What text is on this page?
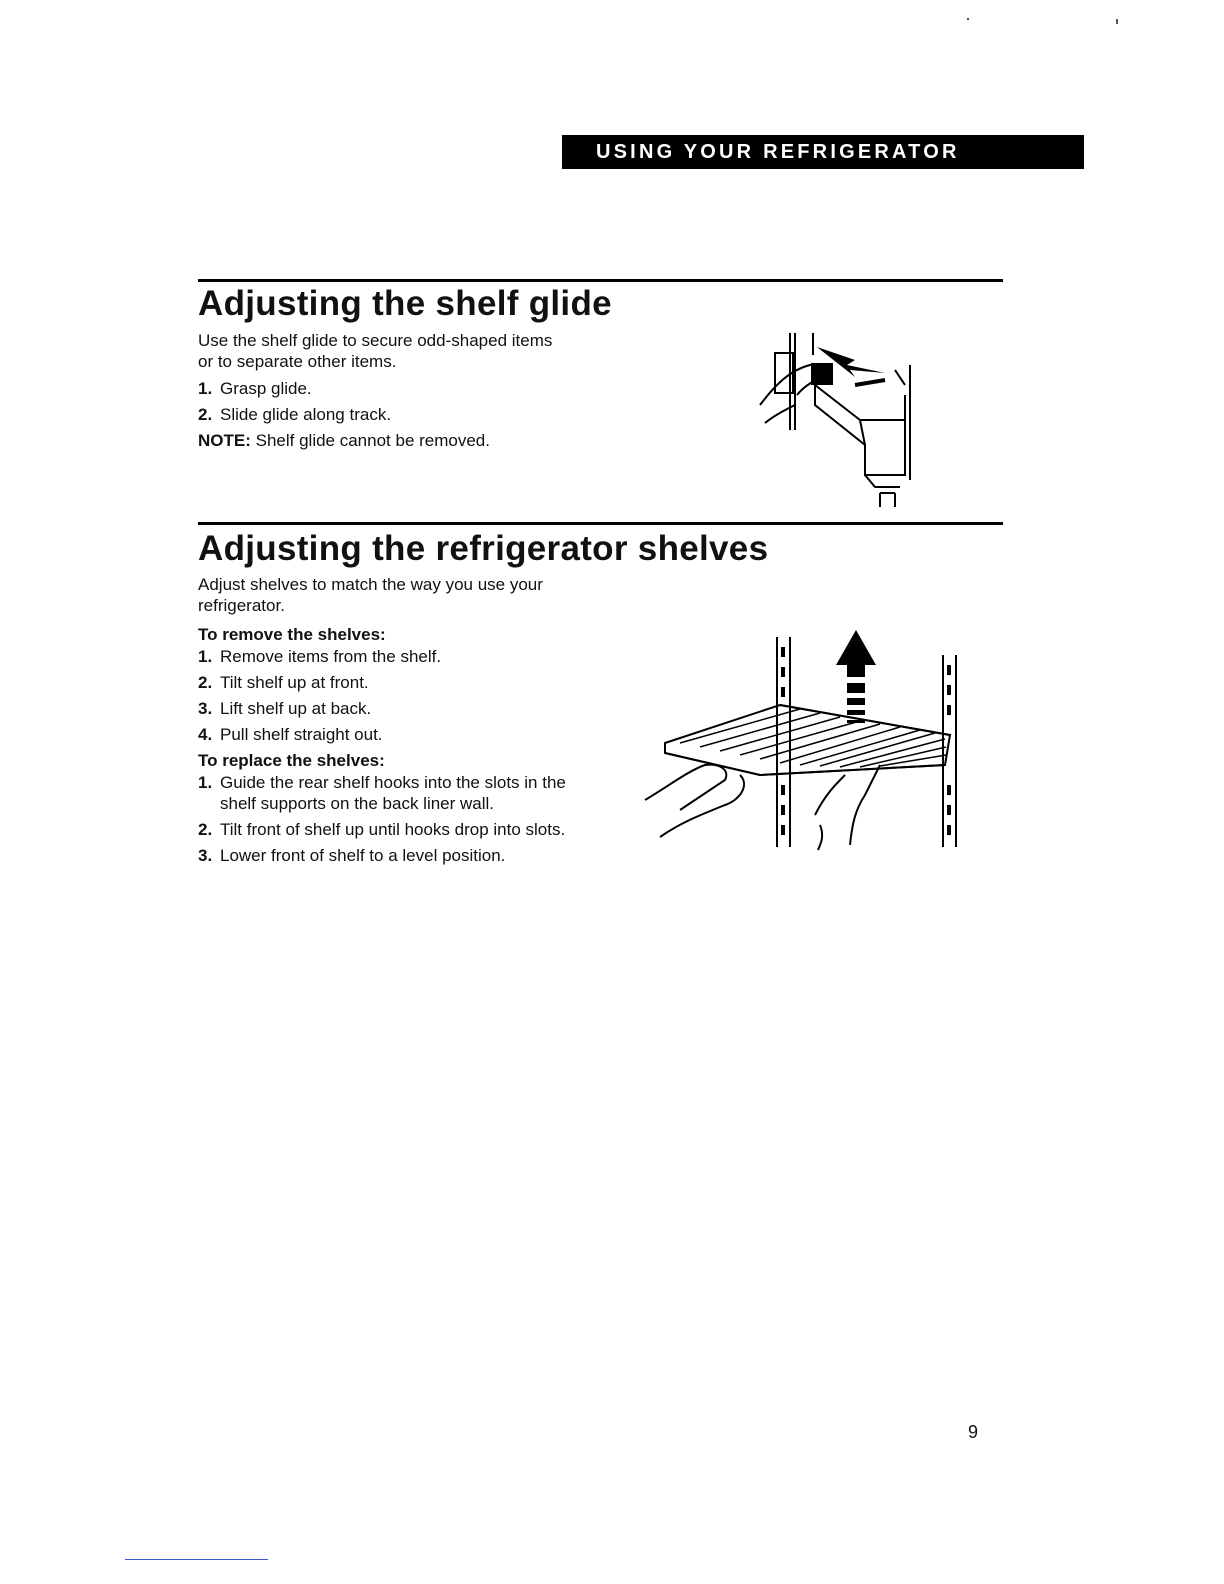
USING YOUR REFRIGERATOR
Adjusting the shelf glide
Use the shelf glide to secure odd-shaped items or to separate other items.
1. Grasp glide.
2. Slide glide along track.
NOTE: Shelf glide cannot be removed.
Adjusting the refrigerator shelves
Adjust shelves to match the way you use your refrigerator.
To remove the shelves:
1. Remove items from the shelf.
2. Tilt shelf up at front.
3. Lift shelf up at back.
4. Pull shelf straight out.
To replace the shelves:
1. Guide the rear shelf hooks into the slots in the shelf supports on the back liner wall.
2. Tilt front of shelf up until hooks drop into slots.
3. Lower front of shelf to a level position.
9
